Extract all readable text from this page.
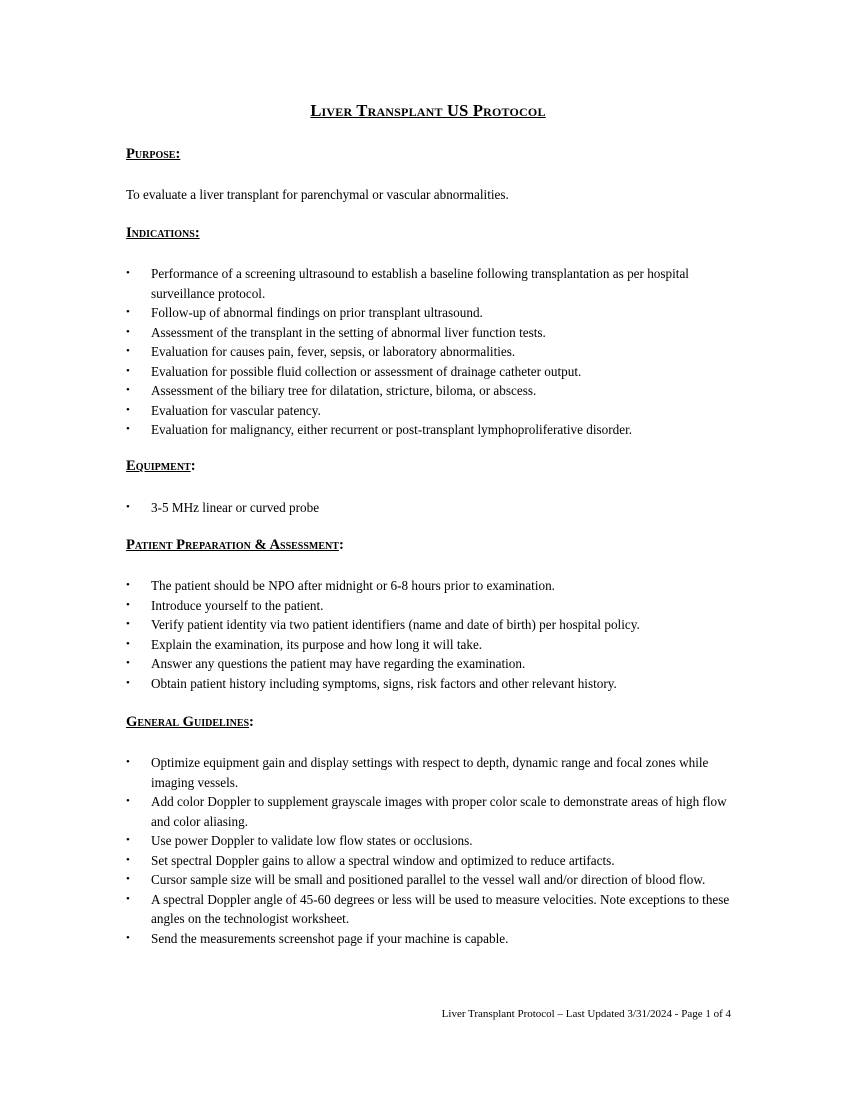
Liver Transplant US Protocol
Purpose:
To evaluate a liver transplant for parenchymal or vascular abnormalities.
Indications:
• Performance of a screening ultrasound to establish a baseline following transplantation as per hospital surveillance protocol.
• Follow-up of abnormal findings on prior transplant ultrasound.
• Assessment of the transplant in the setting of abnormal liver function tests.
• Evaluation for causes pain, fever, sepsis, or laboratory abnormalities.
• Evaluation for possible fluid collection or assessment of drainage catheter output.
• Assessment of the biliary tree for dilatation, stricture, biloma, or abscess.
• Evaluation for vascular patency.
• Evaluation for malignancy, either recurrent or post-transplant lymphoproliferative disorder.
Equipment:
• 3-5 MHz linear or curved probe
Patient Preparation & Assessment:
• The patient should be NPO after midnight or 6-8 hours prior to examination.
• Introduce yourself to the patient.
• Verify patient identity via two patient identifiers (name and date of birth) per hospital policy.
• Explain the examination, its purpose and how long it will take.
• Answer any questions the patient may have regarding the examination.
• Obtain patient history including symptoms, signs, risk factors and other relevant history.
General Guidelines:
• Optimize equipment gain and display settings with respect to depth, dynamic range and focal zones while imaging vessels.
• Add color Doppler to supplement grayscale images with proper color scale to demonstrate areas of high flow and color aliasing.
• Use power Doppler to validate low flow states or occlusions.
• Set spectral Doppler gains to allow a spectral window and optimized to reduce artifacts.
• Cursor sample size will be small and positioned parallel to the vessel wall and/or direction of blood flow.
• A spectral Doppler angle of 45-60 degrees or less will be used to measure velocities. Note exceptions to these angles on the technologist worksheet.
• Send the measurements screenshot page if your machine is capable.
Liver Transplant Protocol – Last Updated 3/31/2024 - Page 1 of 4
